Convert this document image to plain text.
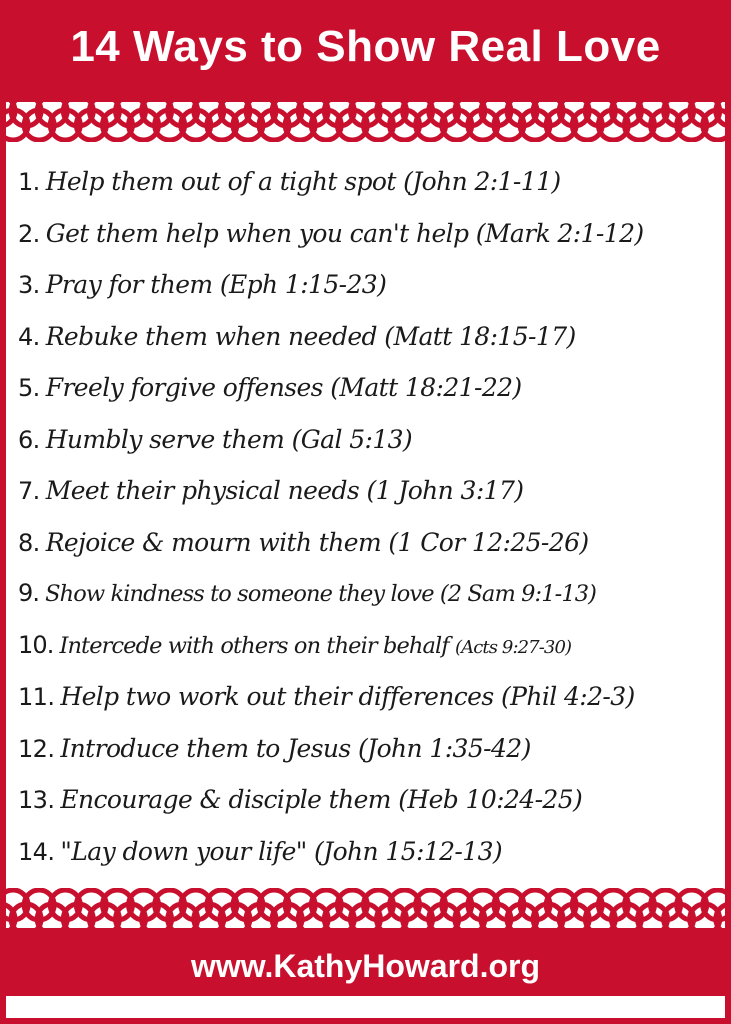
14 Ways to Show Real Love
1. Help them out of a tight spot (John 2:1-11)
2. Get them help when you can't help (Mark 2:1-12)
3. Pray for them (Eph 1:15-23)
4. Rebuke them when needed (Matt 18:15-17)
5. Freely forgive offenses (Matt 18:21-22)
6. Humbly serve them (Gal 5:13)
7. Meet their physical needs (1 John 3:17)
8. Rejoice & mourn with them (1 Cor 12:25-26)
9. Show kindness to someone they love (2 Sam 9:1-13)
10. Intercede with others on their behalf (Acts 9:27-30)
11. Help two work out their differences (Phil 4:2-3)
12. Introduce them to Jesus (John 1:35-42)
13. Encourage & disciple them (Heb 10:24-25)
14. "Lay down your life" (John 15:12-13)
www.KathyHoward.org
